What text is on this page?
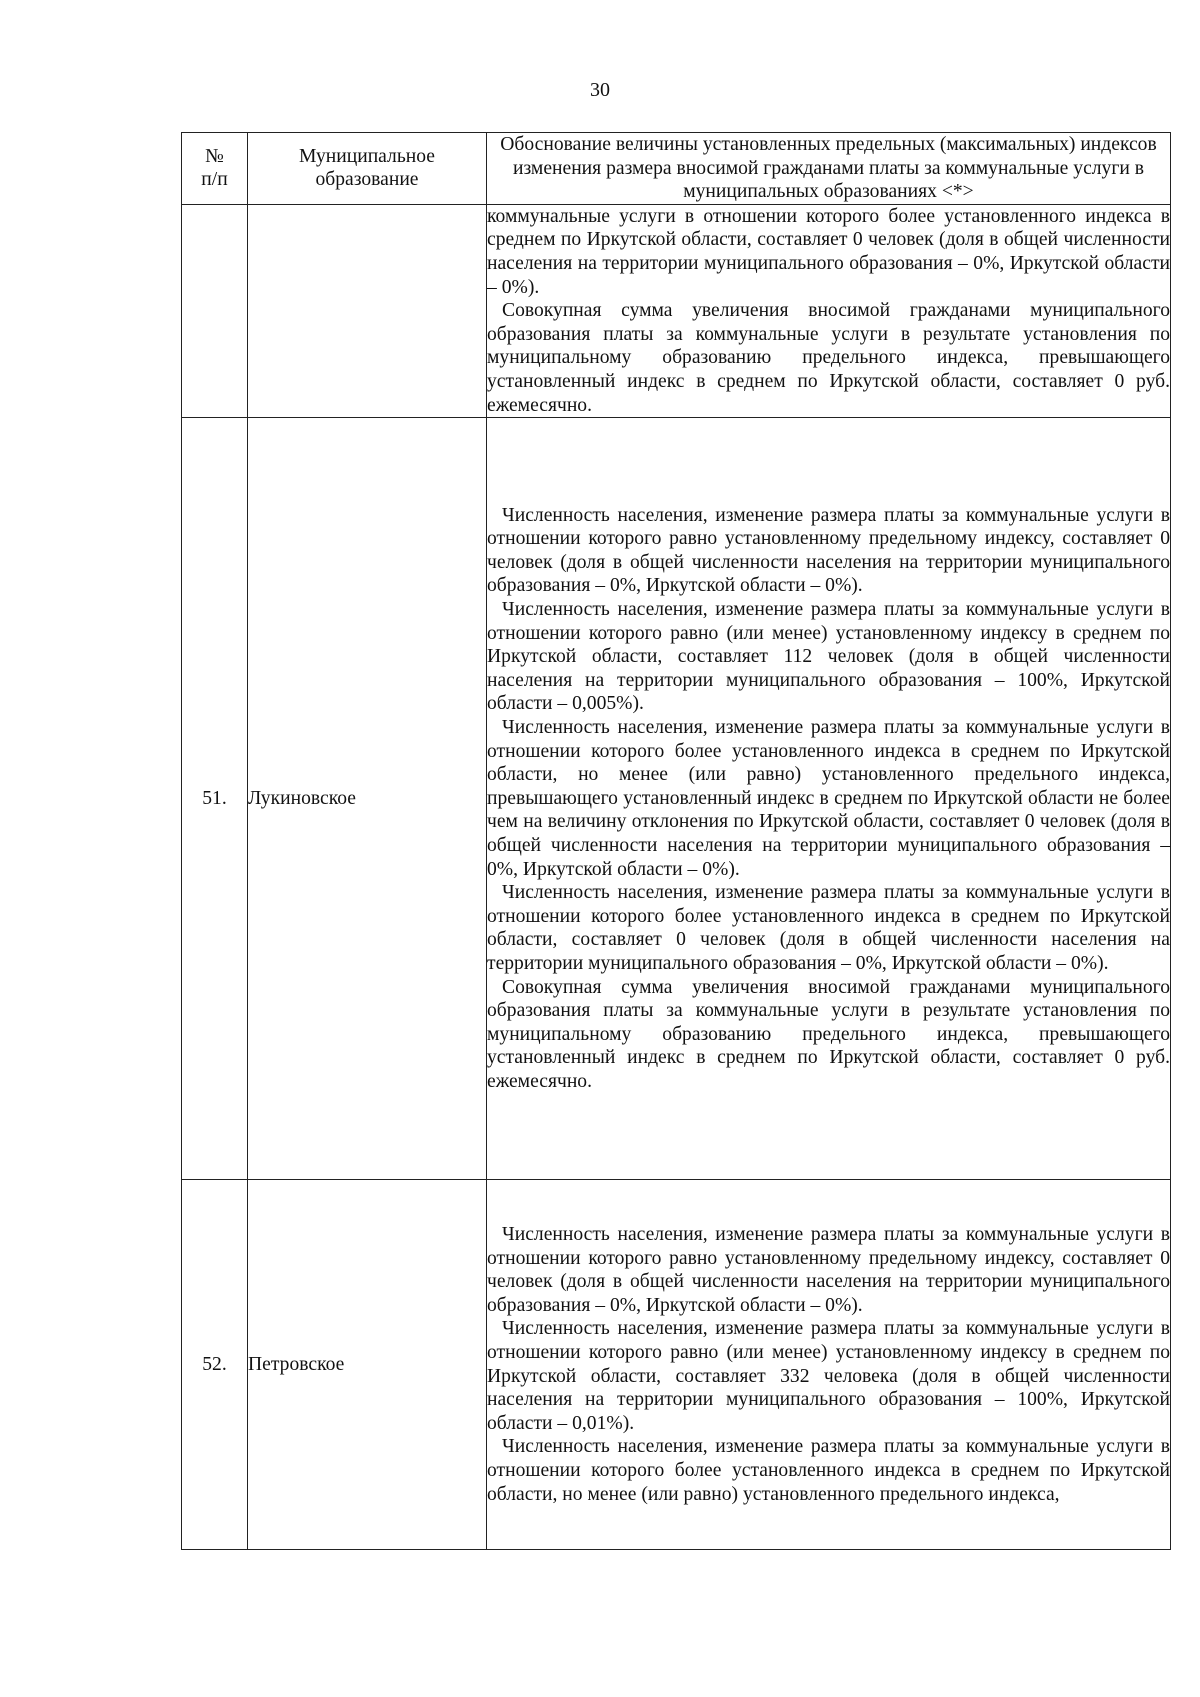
30
№ п/п	Муниципальное образование	Обоснование величины установленных предельных (максимальных) индексов изменения размера вносимой гражданами платы за коммунальные услуги в муниципальных образованиях <*>

		коммунальные услуги в отношении которого более установленного индекса в среднем по Иркутской области, составляет 0 человек (доля в общей численности населения на территории муниципального образования – 0%, Иркутской области – 0%).

Совокупная сумма увеличения вносимой гражданами муниципального образования платы за коммунальные услуги в результате установления по муниципальному образованию предельного индекса, превышающего установленный индекс в среднем по Иркутской области, составляет 0 руб. ежемесячно.

51.	Лукиновское	Численность населения, изменение размера платы за коммунальные услуги в отношении которого равно установленному предельному индексу, составляет 0 человек (доля в общей численности населения на территории муниципального образования – 0%, Иркутской области – 0%).

Численность населения, изменение размера платы за коммунальные услуги в отношении которого равно (или менее) установленному индексу в среднем по Иркутской области, составляет 112 человек (доля в общей численности населения на территории муниципального образования – 100%, Иркутской области – 0,005%).

Численность населения, изменение размера платы за коммунальные услуги в отношении которого более установленного индекса в среднем по Иркутской области, но менее (или равно) установленного предельного индекса, превышающего установленный индекс в среднем по Иркутской области не более чем на величину отклонения по Иркутской области, составляет 0 человек (доля в общей численности населения на территории муниципального образования – 0%, Иркутской области – 0%).

Численность населения, изменение размера платы за коммунальные услуги в отношении которого более установленного индекса в среднем по Иркутской области, составляет 0 человек (доля в общей численности населения на территории муниципального образования – 0%, Иркутской области – 0%).

Совокупная сумма увеличения вносимой гражданами муниципального образования платы за коммунальные услуги в результате установления по муниципальному образованию предельного индекса, превышающего установленный индекс в среднем по Иркутской области, составляет 0 руб. ежемесячно.

52.	Петровское	Численность населения, изменение размера платы за коммунальные услуги в отношении которого равно установленному предельному индексу, составляет 0 человек (доля в общей численности населения на территории муниципального образования – 0%, Иркутской области – 0%).

Численность населения, изменение размера платы за коммунальные услуги в отношении которого равно (или менее) установленному индексу в среднем по Иркутской области, составляет 332 человека (доля в общей численности населения на территории муниципального образования – 100%, Иркутской области – 0,01%).

Численность населения, изменение размера платы за коммунальные услуги в отношении которого более установленного индекса в среднем по Иркутской области, но менее (или равно) установленного предельного индекса,
